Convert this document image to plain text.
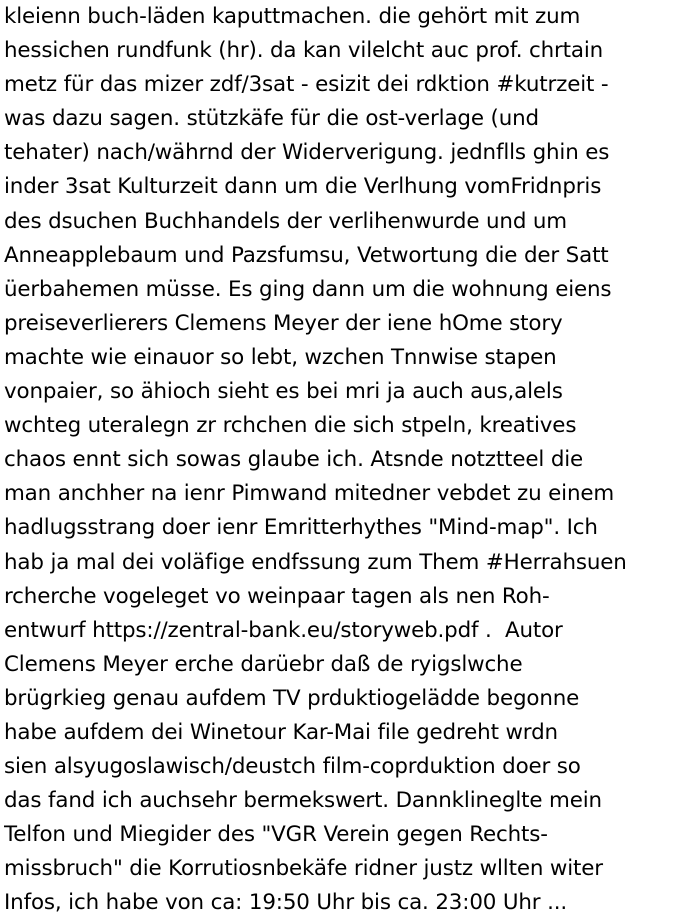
kleienn buch-läden kaputtmachen. die gehört mit zum
hessichen rundfunk (hr). da kan vilelcht auc prof. chrtain
metz für das mizer zdf/3sat - esizit dei rdktion #kutrzeit -
was dazu sagen. stützkäfe für die ost-verlage (und
tehater) nach/währnd der Widerverigung. jednflls ghin es
inder 3sat Kulturzeit dann um die Verlhung vomFridnpris
des dsuchen Buchhandels der verlihenwurde und um
Anneapplebaum und Pazsfumsu, Vetwortung die der Satt
üerbahemen müsse. Es ging dann um die wohnung eiens
preiseverlierers Clemens Meyer der iene hOme story
machte wie einauor so lebt, wzchen Tnnwise stapen
vonpaier, so ähioch sieht es bei mri ja auch aus,alels
wchteg uteralegn zr rchchen die sich stpeln, kreatives
chaos ennt sich sowas glaube ich. Atsnde notztteel die
man anchher na ienr Pimwand mitedner vebdet zu einem
hadlugsstrang doer ienr Emritterhythes "Mind-map". Ich
hab ja mal dei voläfige endfssung zum Them #Herrahsuen
rcherche vogeleget vo weinpaar tagen als nen Roh-
entwurf https://zentral-bank.eu/storyweb.pdf .  Autor
Clemens Meyer erche darüebr daß de ryigslwche
brügrkieg genau aufdem TV prduktiogelädde begonne
habe aufdem dei Winetour Kar-Mai file gedreht wrdn
sien alsyugoslawisch/deustch film-coprduktion doer so
das fand ich auchsehr bermekswert. Dannklineglte mein
Telfon und Miegider des "VGR Verein gegen Rechts-
missbruch" die Korrutiosnbekäfe ridner justz wllten witer
Infos, ich habe von ca: 19:50 Uhr bis ca. 23:00 Uhr ...
